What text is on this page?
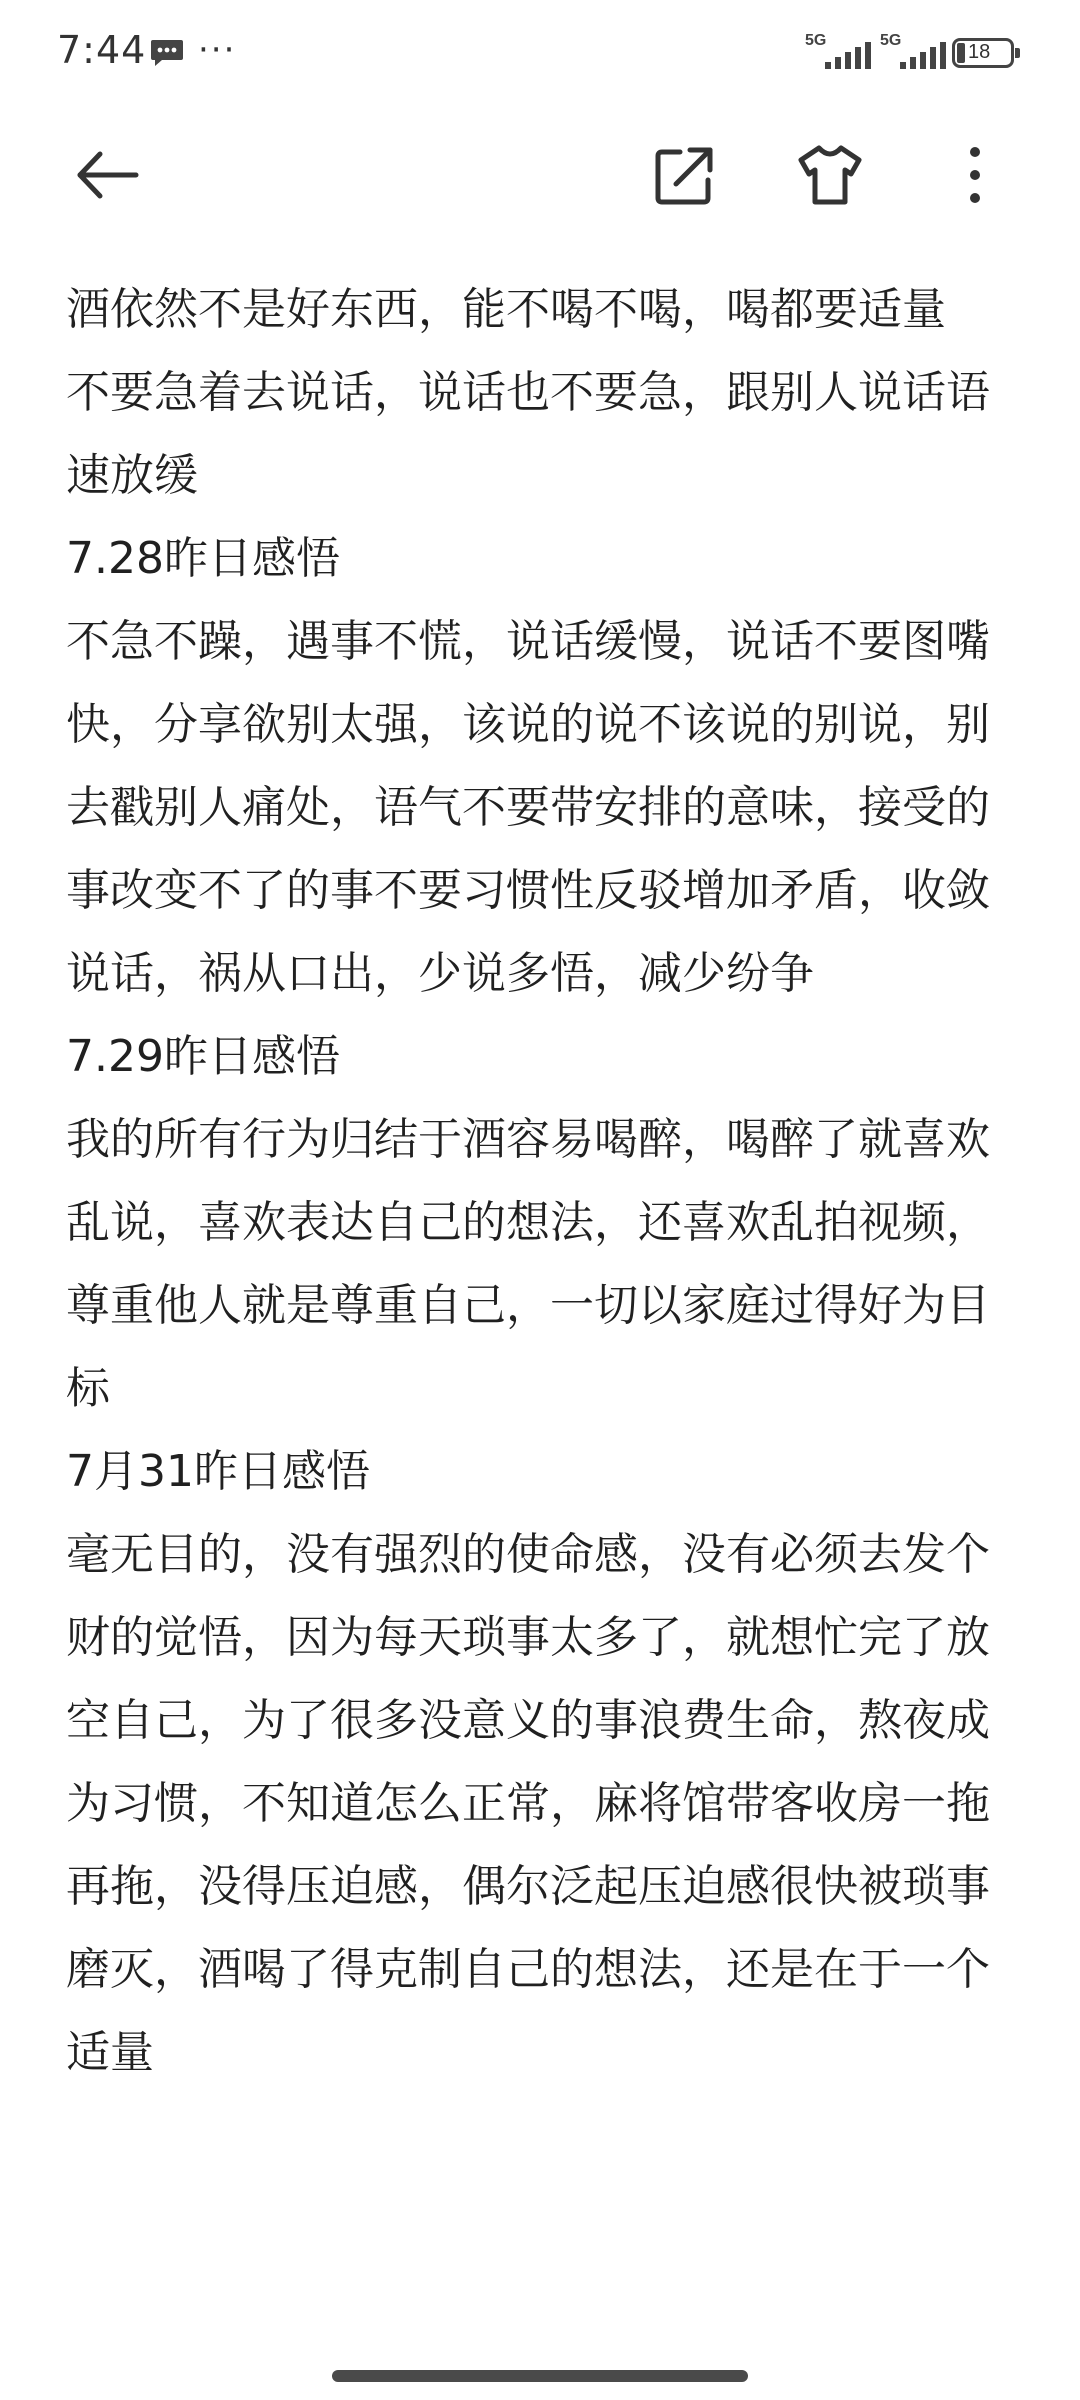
7:44 ···	5G	5G
18

酒依然不是好东西，能不喝不喝，喝都要适量

不要急着去说话，说话也不要急，跟别人说话语速放缓

7.28昨日感悟

不急不躁，遇事不慌，说话缓慢，说话不要图嘴快，分享欲别太强，该说的说不该说的别说，别去戳别人痛处，语气不要带安排的意味，接受的事改变不了的事不要习惯性反驳增加矛盾，收敛说话，祸从口出，少说多悟，减少纷争

7.29昨日感悟

我的所有行为归结于酒容易喝醉，喝醉了就喜欢乱说，喜欢表达自己的想法，还喜欢乱拍视频，尊重他人就是尊重自己，一切以家庭过得好为目标

7月31昨日感悟

毫无目的，没有强烈的使命感，没有必须去发个财的觉悟，因为每天琐事太多了，就想忙完了放空自己，为了很多没意义的事浪费生命，熬夜成为习惯，不知道怎么正常，麻将馆带客收房一拖再拖，没得压迫感，偶尔泛起压迫感很快被琐事磨灭，酒喝了得克制自己的想法，还是在于一个适量
